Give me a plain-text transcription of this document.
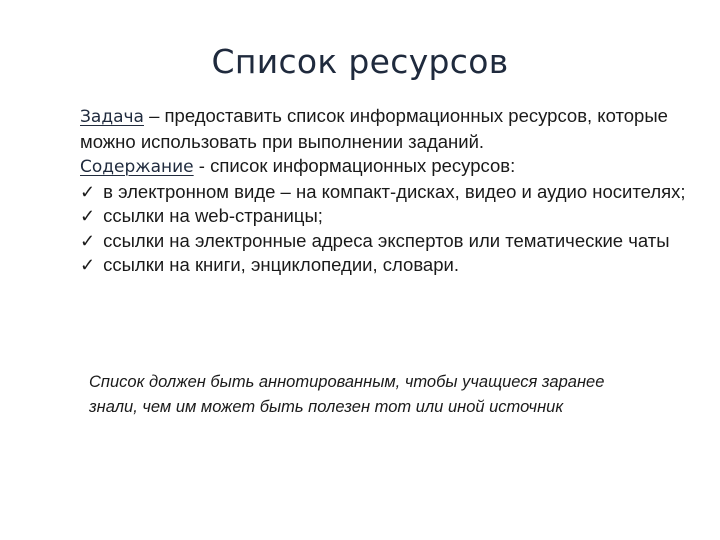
Список ресурсов

Задача – предоставить список информационных ресурсов, которые можно использовать при выполнении заданий.

Содержание - список информационных ресурсов:

✓ в электронном виде – на компакт-дисках, видео и аудио носителях;

✓ ссылки на web-страницы;

✓ ссылки на электронные адреса экспертов или тематические чаты

✓ ссылки на книги, энциклопедии, словари.

Список должен быть аннотированным, чтобы учащиеся заранее знали, чем им может быть полезен тот или иной источник
